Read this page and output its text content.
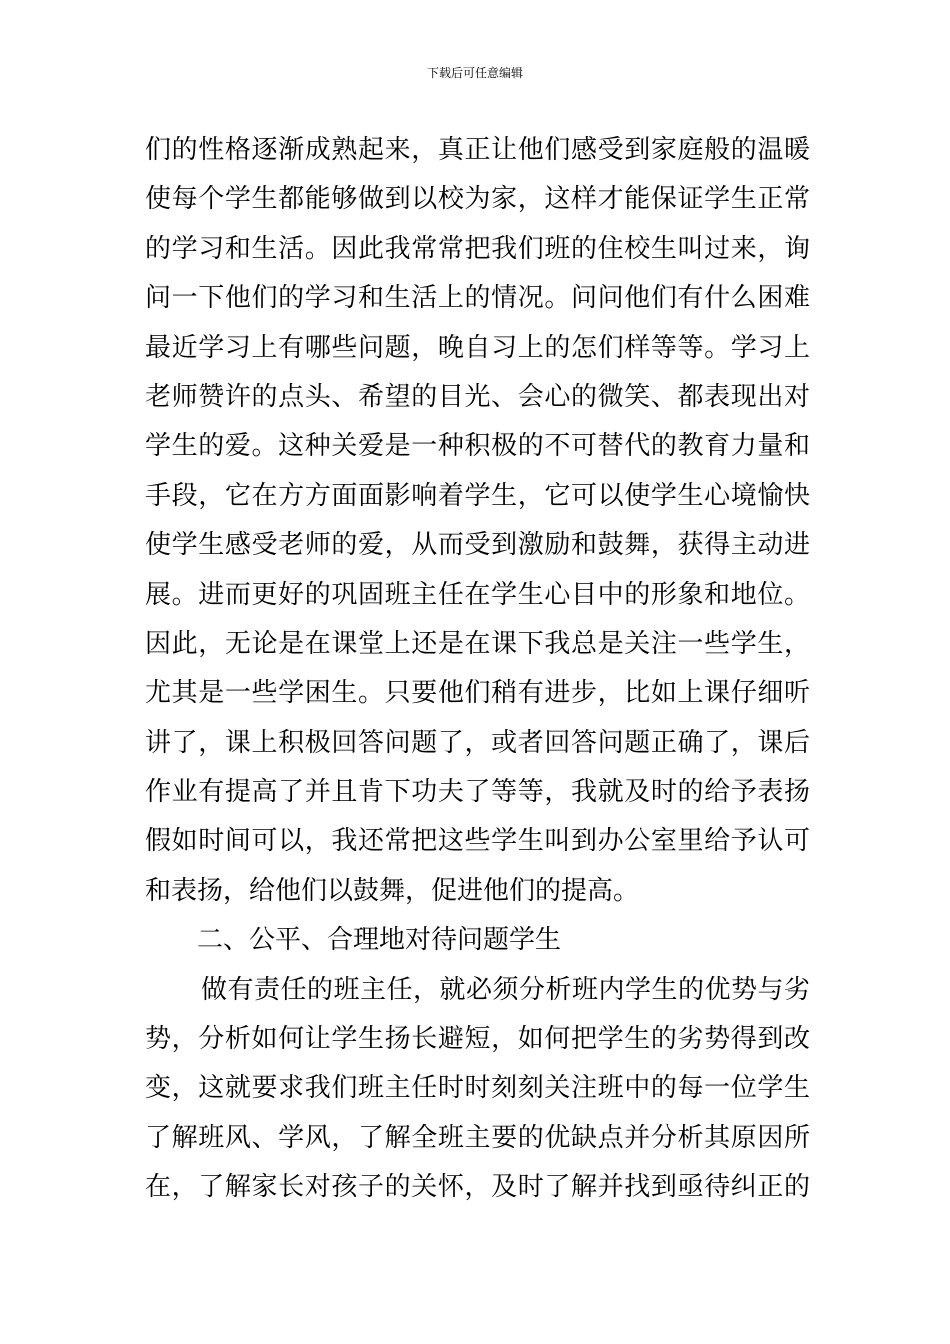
下载后可任意编辑
们的性格逐渐成熟起来，真正让他们感受到家庭般的温暖
使每个学生都能够做到以校为家，这样才能保证学生正常
的学习和生活。因此我常常把我们班的住校生叫过来，询
问一下他们的学习和生活上的情况。问问他们有什么困难
最近学习上有哪些问题，晚自习上的怎们样等等。学习上
老师赞许的点头、希望的目光、会心的微笑、都表现出对
学生的爱。这种关爱是一种积极的不可替代的教育力量和
手段，它在方方面面影响着学生，它可以使学生心境愉快
使学生感受老师的爱，从而受到激励和鼓舞，获得主动进
展。进而更好的巩固班主任在学生心目中的形象和地位。
因此，无论是在课堂上还是在课下我总是关注一些学生，
尤其是一些学困生。只要他们稍有进步，比如上课仔细听
讲了，课上积极回答问题了，或者回答问题正确了，课后
作业有提高了并且肯下功夫了等等，我就及时的给予表扬
假如时间可以，我还常把这些学生叫到办公室里给予认可
和表扬，给他们以鼓舞，促进他们的提高。
二、公平、合理地对待问题学生
做有责任的班主任，就必须分析班内学生的优势与劣
势，分析如何让学生扬长避短，如何把学生的劣势得到改
变，这就要求我们班主任时时刻刻关注班中的每一位学生
了解班风、学风，了解全班主要的优缺点并分析其原因所
在，了解家长对孩子的关怀，及时了解并找到亟待纠正的
